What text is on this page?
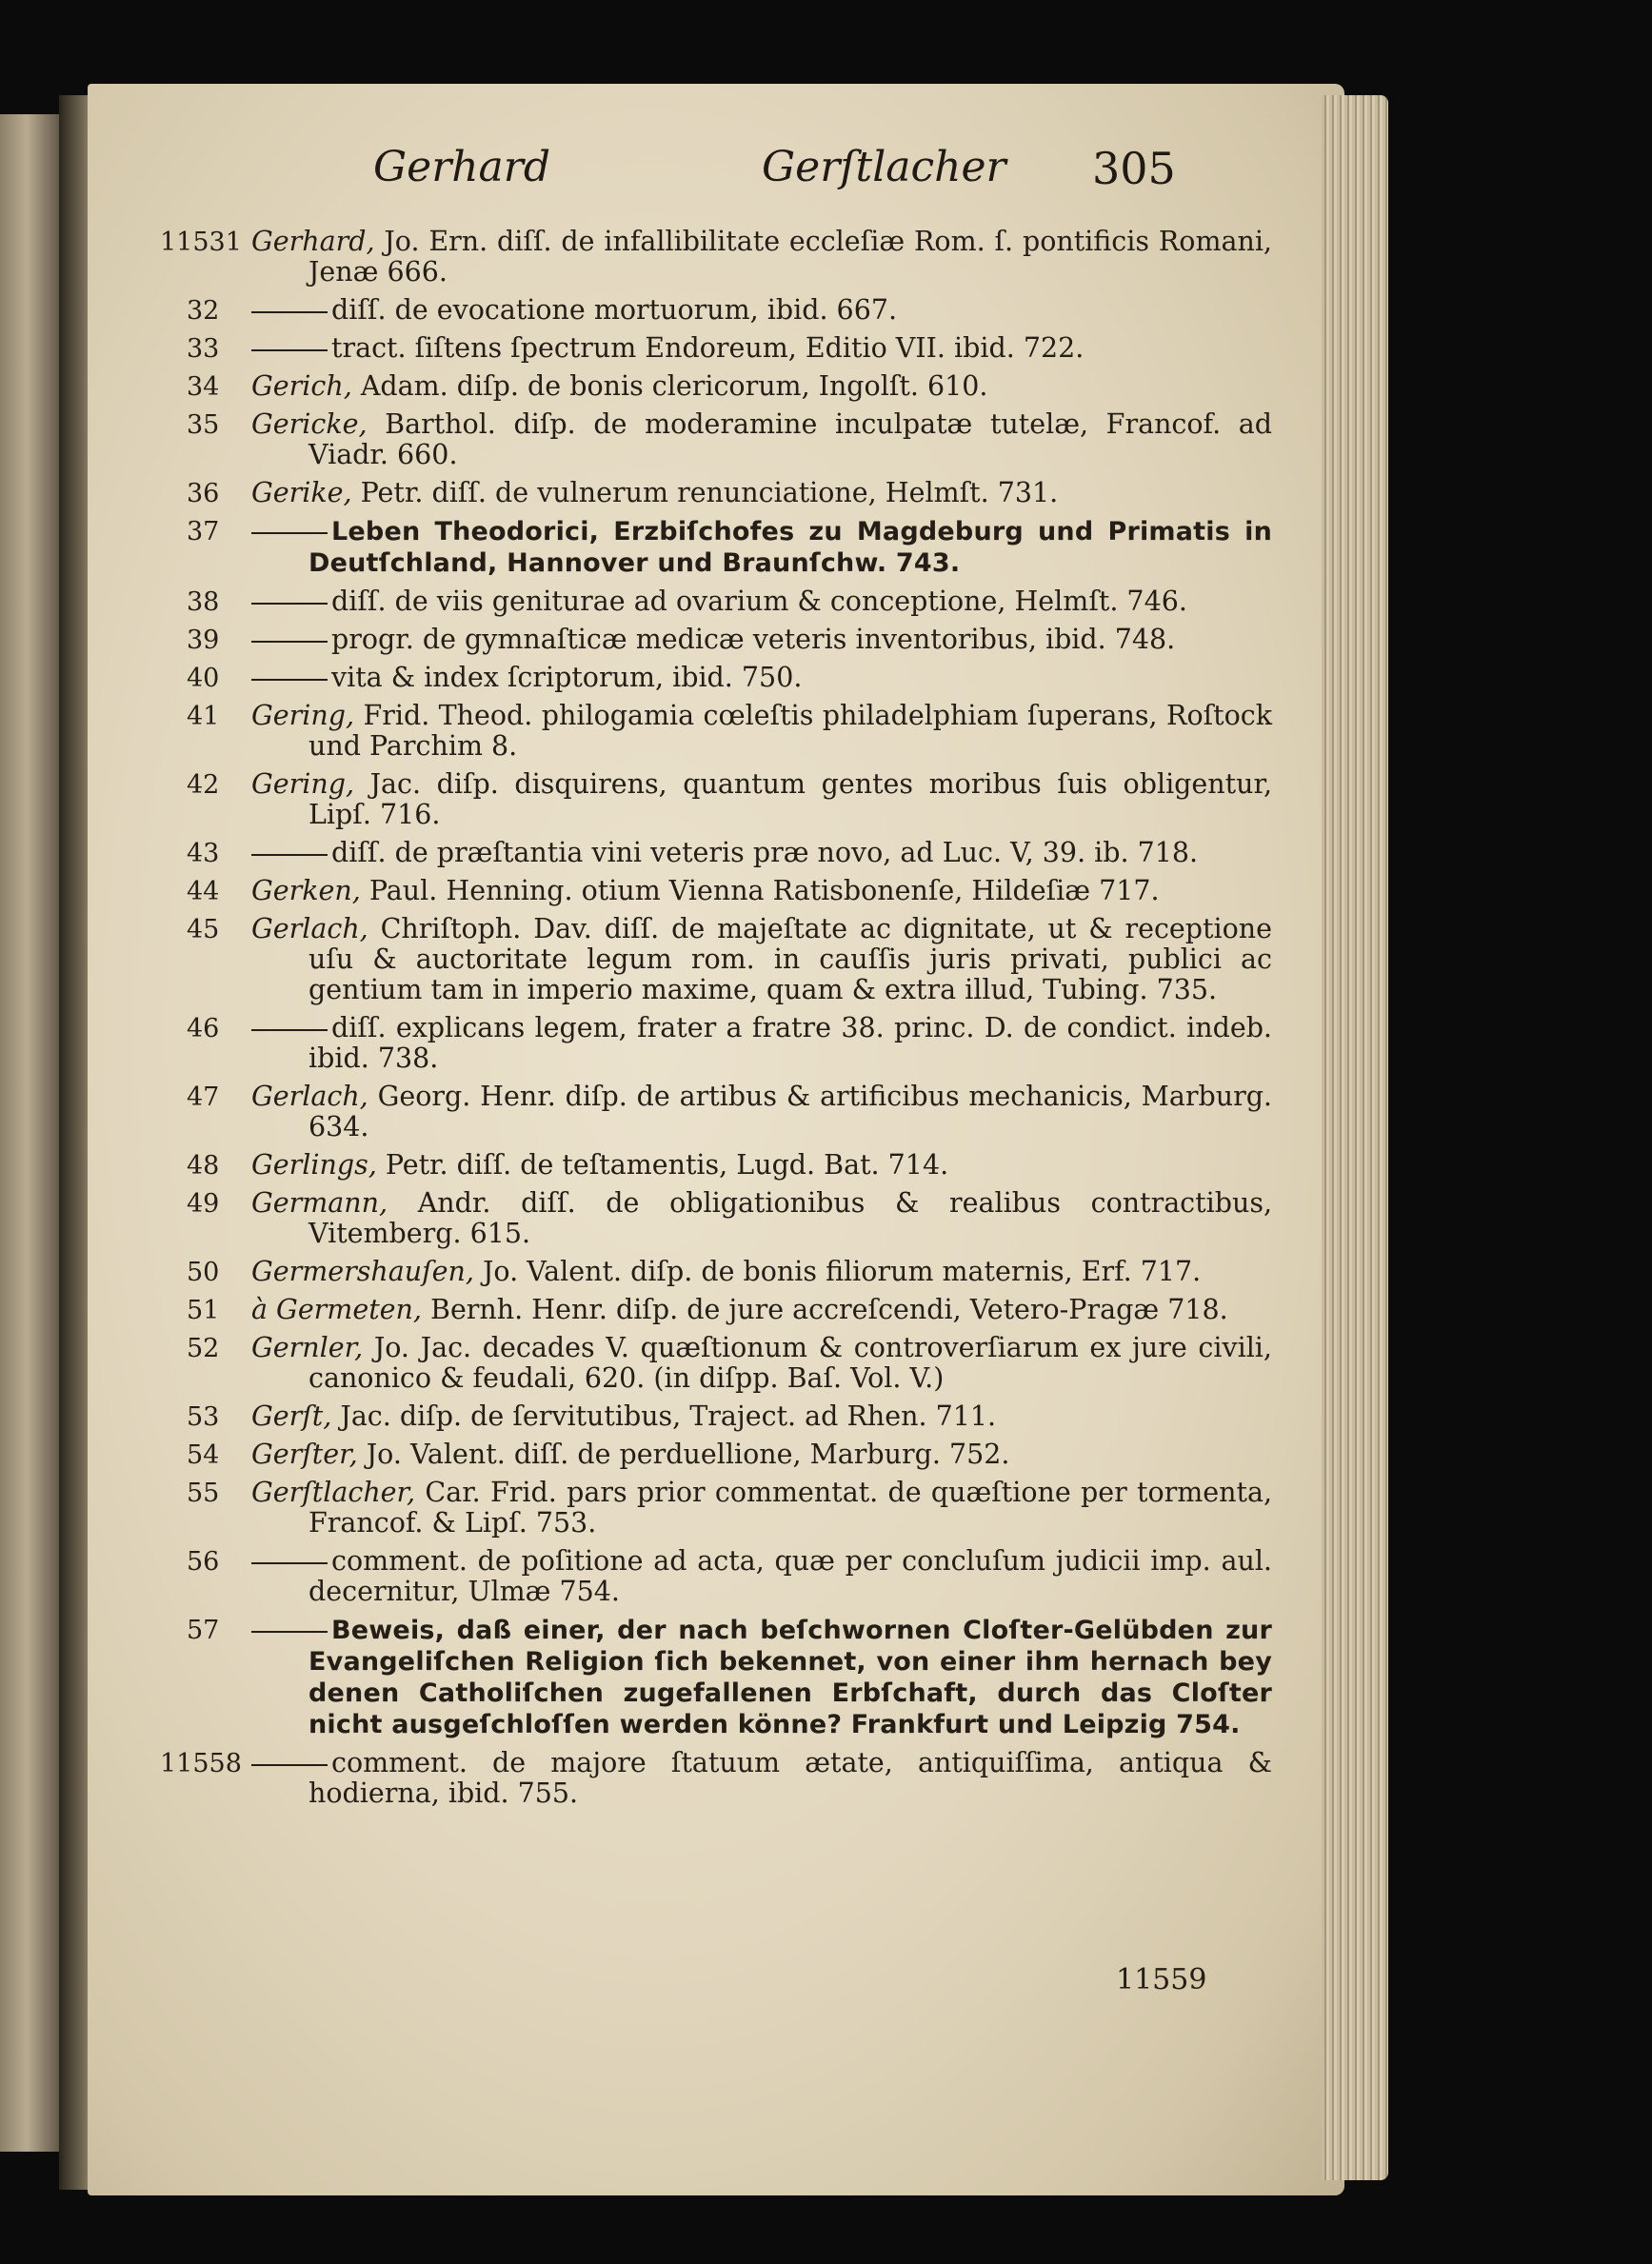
Gerhard	Gerſtlacher 305
11531 Gerhard, Jo. Ern. diſſ. de infallibilitate eccleſiæ Rom. ſ. pontificis Romani, Jenæ 666.
32	diſſ. de evocatione mortuorum, ibid. 667.
33	tract. ſiſtens ſpectrum Endoreum, Editio VII. ibid. 722.
34	Gerich, Adam. diſp. de bonis clericorum, Ingolſt. 610.
35	Gericke, Barthol. diſp. de moderamine inculpatæ tutelæ, Francof. ad Viadr. 660.
36	Gerike, Petr. diſſ. de vulnerum renunciatione, Helmſt. 731.
37	Leben Theodorici, Erzbiſchofes zu Magdeburg und Primatis in Deutſchland, Hannover und Braunſchw. 743.
38	diſſ. de viis geniturae ad ovarium & conceptione, Helmſt. 746.
39	progr. de gymnaſticæ medicæ veteris inventoribus, ibid. 748.
40	vita & index ſcriptorum, ibid. 750.
41	Gering, Frid. Theod. philogamia cœleſtis philadelphiam ſuperans, Roſtock und Parchim 8.
42	Gering, Jac. diſp. disquirens, quantum gentes moribus ſuis obligentur, Lipſ. 716.
43	diſſ. de præſtantia vini veteris præ novo, ad Luc. V, 39. ib. 718.
44	Gerken, Paul. Henning. otium Vienna Ratisbonenſe, Hildeſiæ 717.
45	Gerlach, Chriſtoph. Dav. diſſ. de majeſtate ac dignitate, ut & receptione uſu & auctoritate legum rom. in cauſſis juris privati, publici ac gentium tam in imperio maxime, quam & extra illud, Tubing. 735.
46	diſſ. explicans legem, frater a fratre 38. princ. D. de condict. indeb. ibid. 738.
47	Gerlach, Georg. Henr. diſp. de artibus & artificibus mechanicis, Marburg. 634.
48	Gerlings, Petr. diſſ. de teſtamentis, Lugd. Bat. 714.
49	Germann, Andr. diſſ. de obligationibus & realibus contractibus, Vitemberg. 615.
50	Germershauſen, Jo. Valent. diſp. de bonis filiorum maternis, Erf. 717.
51	à Germeten, Bernh. Henr. diſp. de jure accreſcendi, Vetero-Pragæ 718.
52	Gernler, Jo. Jac. decades V. quæſtionum & controverſiarum ex jure civili, canonico & feudali, 620. (in diſpp. Baſ. Vol. V.)
53	Gerſt, Jac. diſp. de ſervitutibus, Traject. ad Rhen. 711.
54	Gerſter, Jo. Valent. diſſ. de perduellione, Marburg. 752.
55	Gerſtlacher, Car. Frid. pars prior commentat. de quæſtione per tormenta, Francof. & Lipſ. 753.
56	comment. de poſitione ad acta, quæ per concluſum judicii imp. aul. decernitur, Ulmæ 754.
57	Beweis, daß einer, der nach beſchwornen Cloſter-Gelübden zur Evangeliſchen Religion ſich bekennet, von einer ihm hernach bey denen Catholiſchen zugefallenen Erbſchaft, durch das Cloſter nicht ausgeſchloſſen werden könne? Frankfurt und Leipzig 754.
11558	comment. de majore ſtatuum ætate, antiquiſſima, antiqua & hodierna, ibid. 755.
11559
